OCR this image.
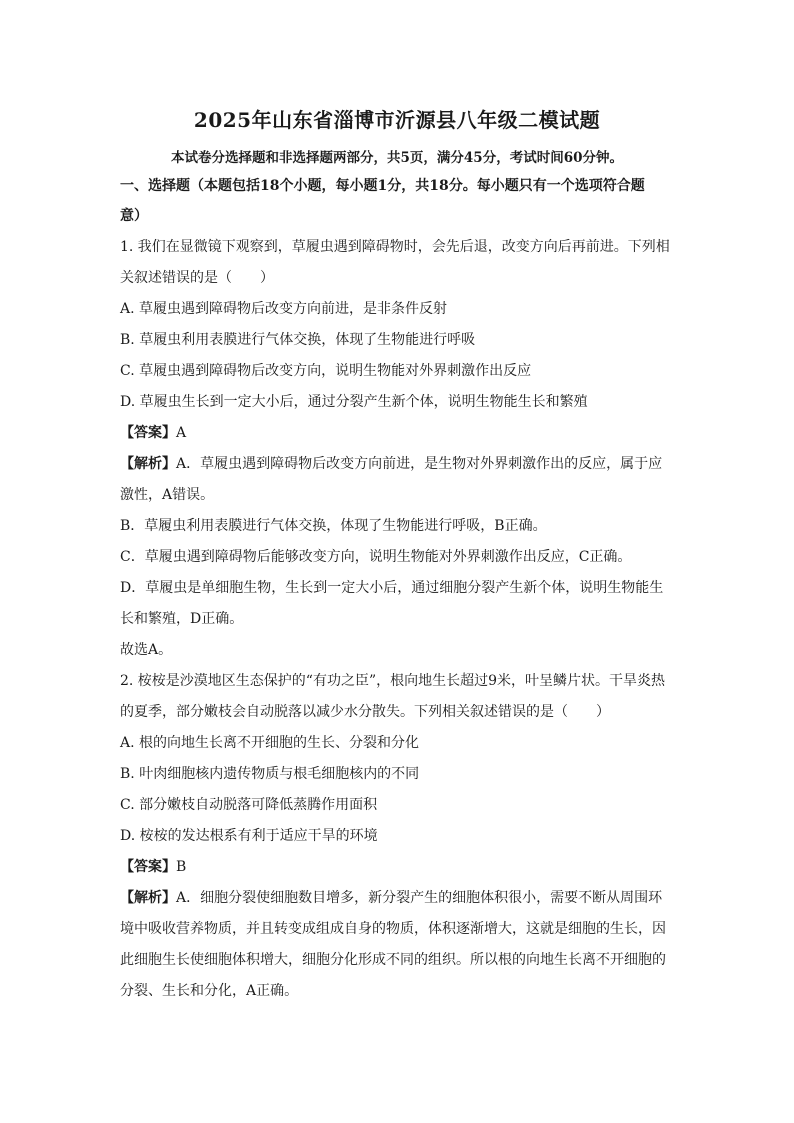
2025年山东省淄博市沂源县八年级二模试题
本试卷分选择题和非选择题两部分，共5页，满分45分，考试时间60分钟。
一、选择题（本题包括18个小题，每小题1分，共18分。每小题只有一个选项符合题
意）
1. 我们在显微镜下观察到，草履虫遇到障碍物时，会先后退，改变方向后再前进。下列相
关叙述错误的是（　　）
A. 草履虫遇到障碍物后改变方向前进，是非条件反射
B. 草履虫利用表膜进行气体交换，体现了生物能进行呼吸
C. 草履虫遇到障碍物后改变方向，说明生物能对外界刺激作出反应
D. 草履虫生长到一定大小后，通过分裂产生新个体，说明生物能生长和繁殖
【答案】A
【解析】A．草履虫遇到障碍物后改变方向前进，是生物对外界刺激作出的反应，属于应
激性，A错误。
B．草履虫利用表膜进行气体交换，体现了生物能进行呼吸，B正确。
C．草履虫遇到障碍物后能够改变方向，说明生物能对外界刺激作出反应，C正确。
D．草履虫是单细胞生物，生长到一定大小后，通过细胞分裂产生新个体，说明生物能生
长和繁殖，D正确。
故选A。
2. 桉桉是沙漠地区生态保护的“有功之臣”，根向地生长超过9米，叶呈鳞片状。干旱炎热
的夏季，部分嫩枝会自动脱落以减少水分散失。下列相关叙述错误的是（　　）
A. 根的向地生长离不开细胞的生长、分裂和分化
B. 叶肉细胞核内遗传物质与根毛细胞核内的不同
C. 部分嫩枝自动脱落可降低蒸腾作用面积
D. 桉桉的发达根系有利于适应干旱的环境
【答案】B
【解析】A．细胞分裂使细胞数目增多，新分裂产生的细胞体积很小，需要不断从周围环
境中吸收营养物质，并且转变成组成自身的物质，体积逐渐增大，这就是细胞的生长，因
此细胞生长使细胞体积增大，细胞分化形成不同的组织。所以根的向地生长离不开细胞的
分裂、生长和分化，A正确。
